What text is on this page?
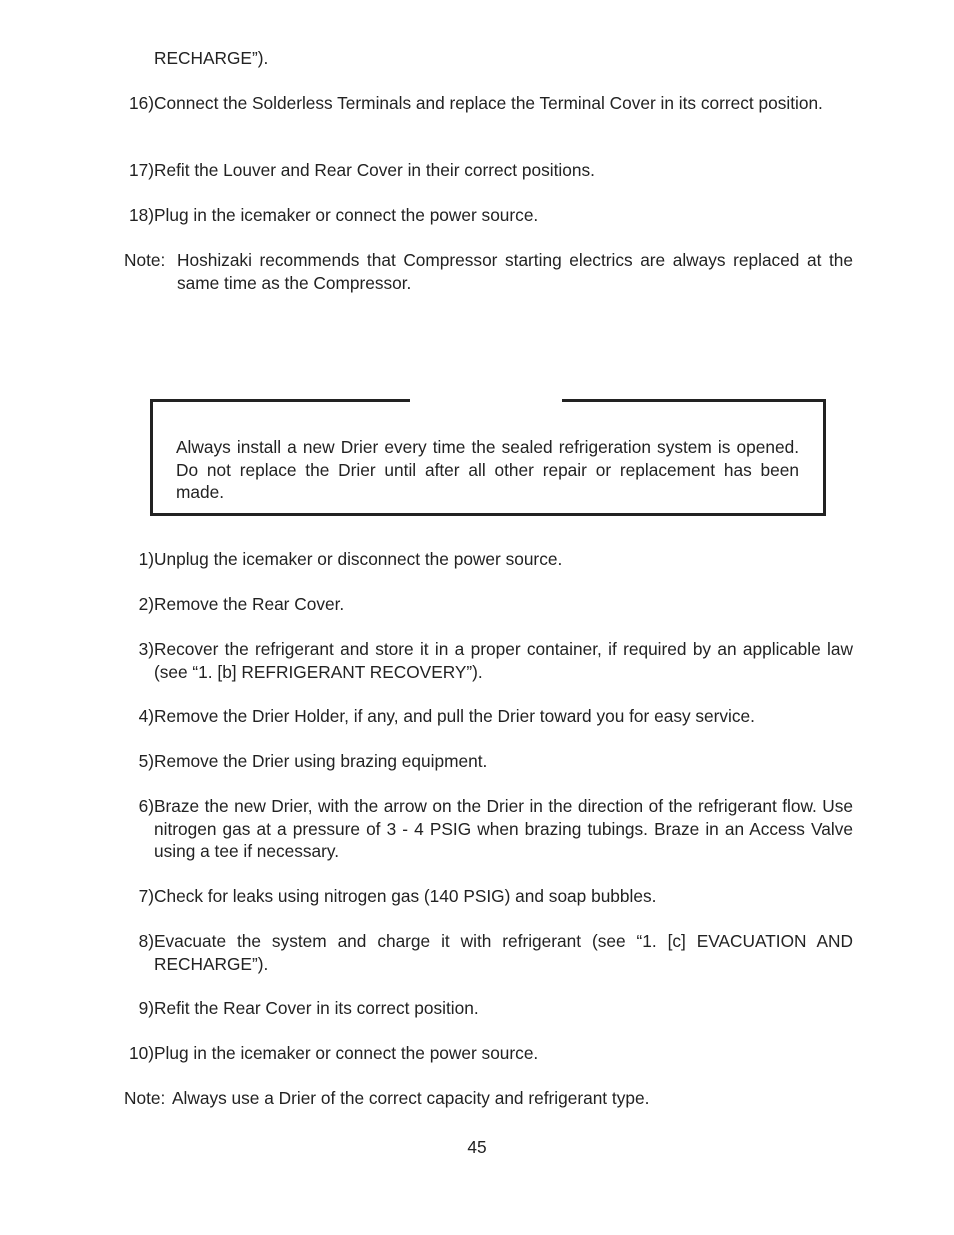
RECHARGE”).
16) Connect the Solderless Terminals and replace the Terminal Cover in its correct position.
17) Refit the Louver and Rear Cover in their correct positions.
18) Plug in the icemaker or connect the power source.
Note: Hoshizaki recommends that Compressor starting electrics are always replaced at the same time as the Compressor.
Always install a new Drier every time the sealed refrigeration system is opened. Do not replace the Drier until after all other repair or replacement has been made.
1) Unplug the icemaker or disconnect the power source.
2) Remove the Rear Cover.
3) Recover the refrigerant and store it in a proper container, if required by an applicable law (see “1. [b] REFRIGERANT RECOVERY”).
4) Remove the Drier Holder, if any, and pull the Drier toward you for easy service.
5) Remove the Drier using brazing equipment.
6) Braze the new Drier, with the arrow on the Drier in the direction of the refrigerant flow. Use nitrogen gas at a pressure of 3 - 4 PSIG when brazing tubings. Braze in an Access Valve using a tee if necessary.
7) Check for leaks using nitrogen gas (140 PSIG) and soap bubbles.
8) Evacuate the system and charge it with refrigerant (see “1. [c] EVACUATION AND RECHARGE”).
9) Refit the Rear Cover in its correct position.
10) Plug in the icemaker or connect the power source.
Note: Always use a Drier of the correct capacity and refrigerant type.
45
